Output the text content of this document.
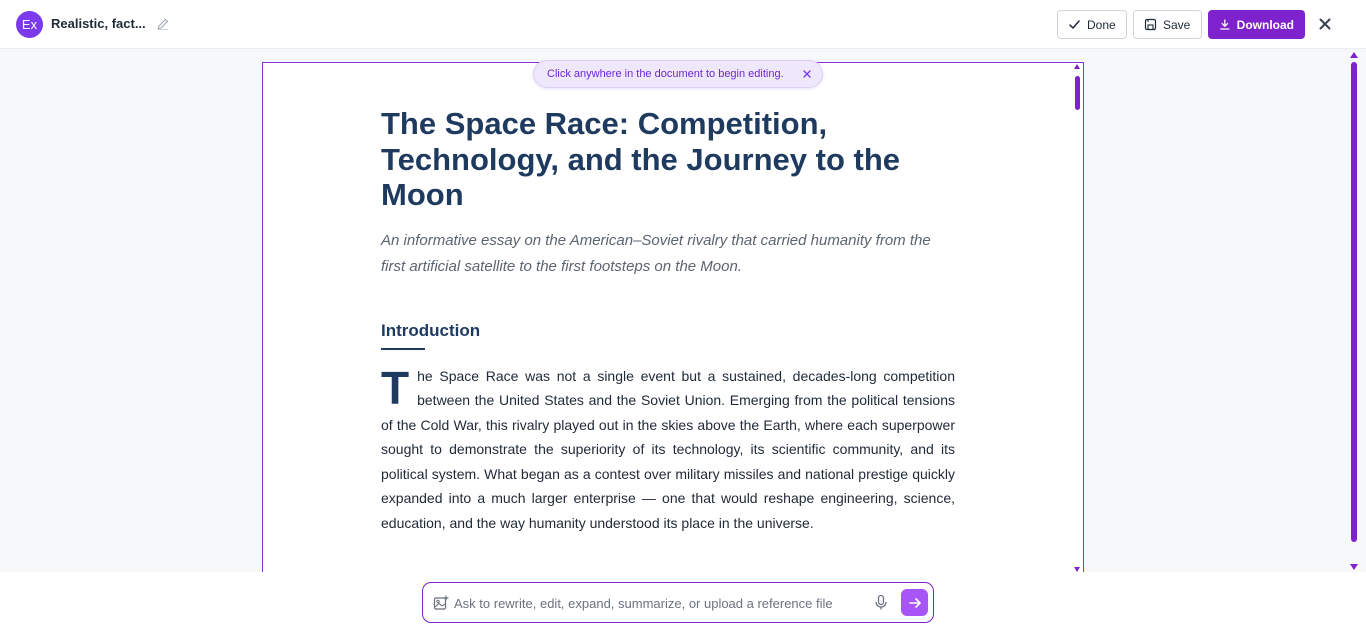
Ex	Realistic, fact...	Done	Save	Download
Click anywhere in the document to begin editing.
The Space Race: Competition, Technology, and the Journey to the Moon
An informative essay on the American–Soviet rivalry that carried humanity from the first artificial satellite to the first footsteps on the Moon.
Introduction
The Space Race was not a single event but a sustained, decades-long competition between the United States and the Soviet Union. Emerging from the political tensions of the Cold War, this rivalry played out in the skies above the Earth, where each superpower sought to demonstrate the superiority of its technology, its scientific community, and its political system. What began as a contest over military missiles and national prestige quickly expanded into a much larger enterprise — one that would reshape engineering, science, education, and the way humanity understood its place in the universe.
Ask to rewrite, edit, expand, summarize, or upload a reference file
